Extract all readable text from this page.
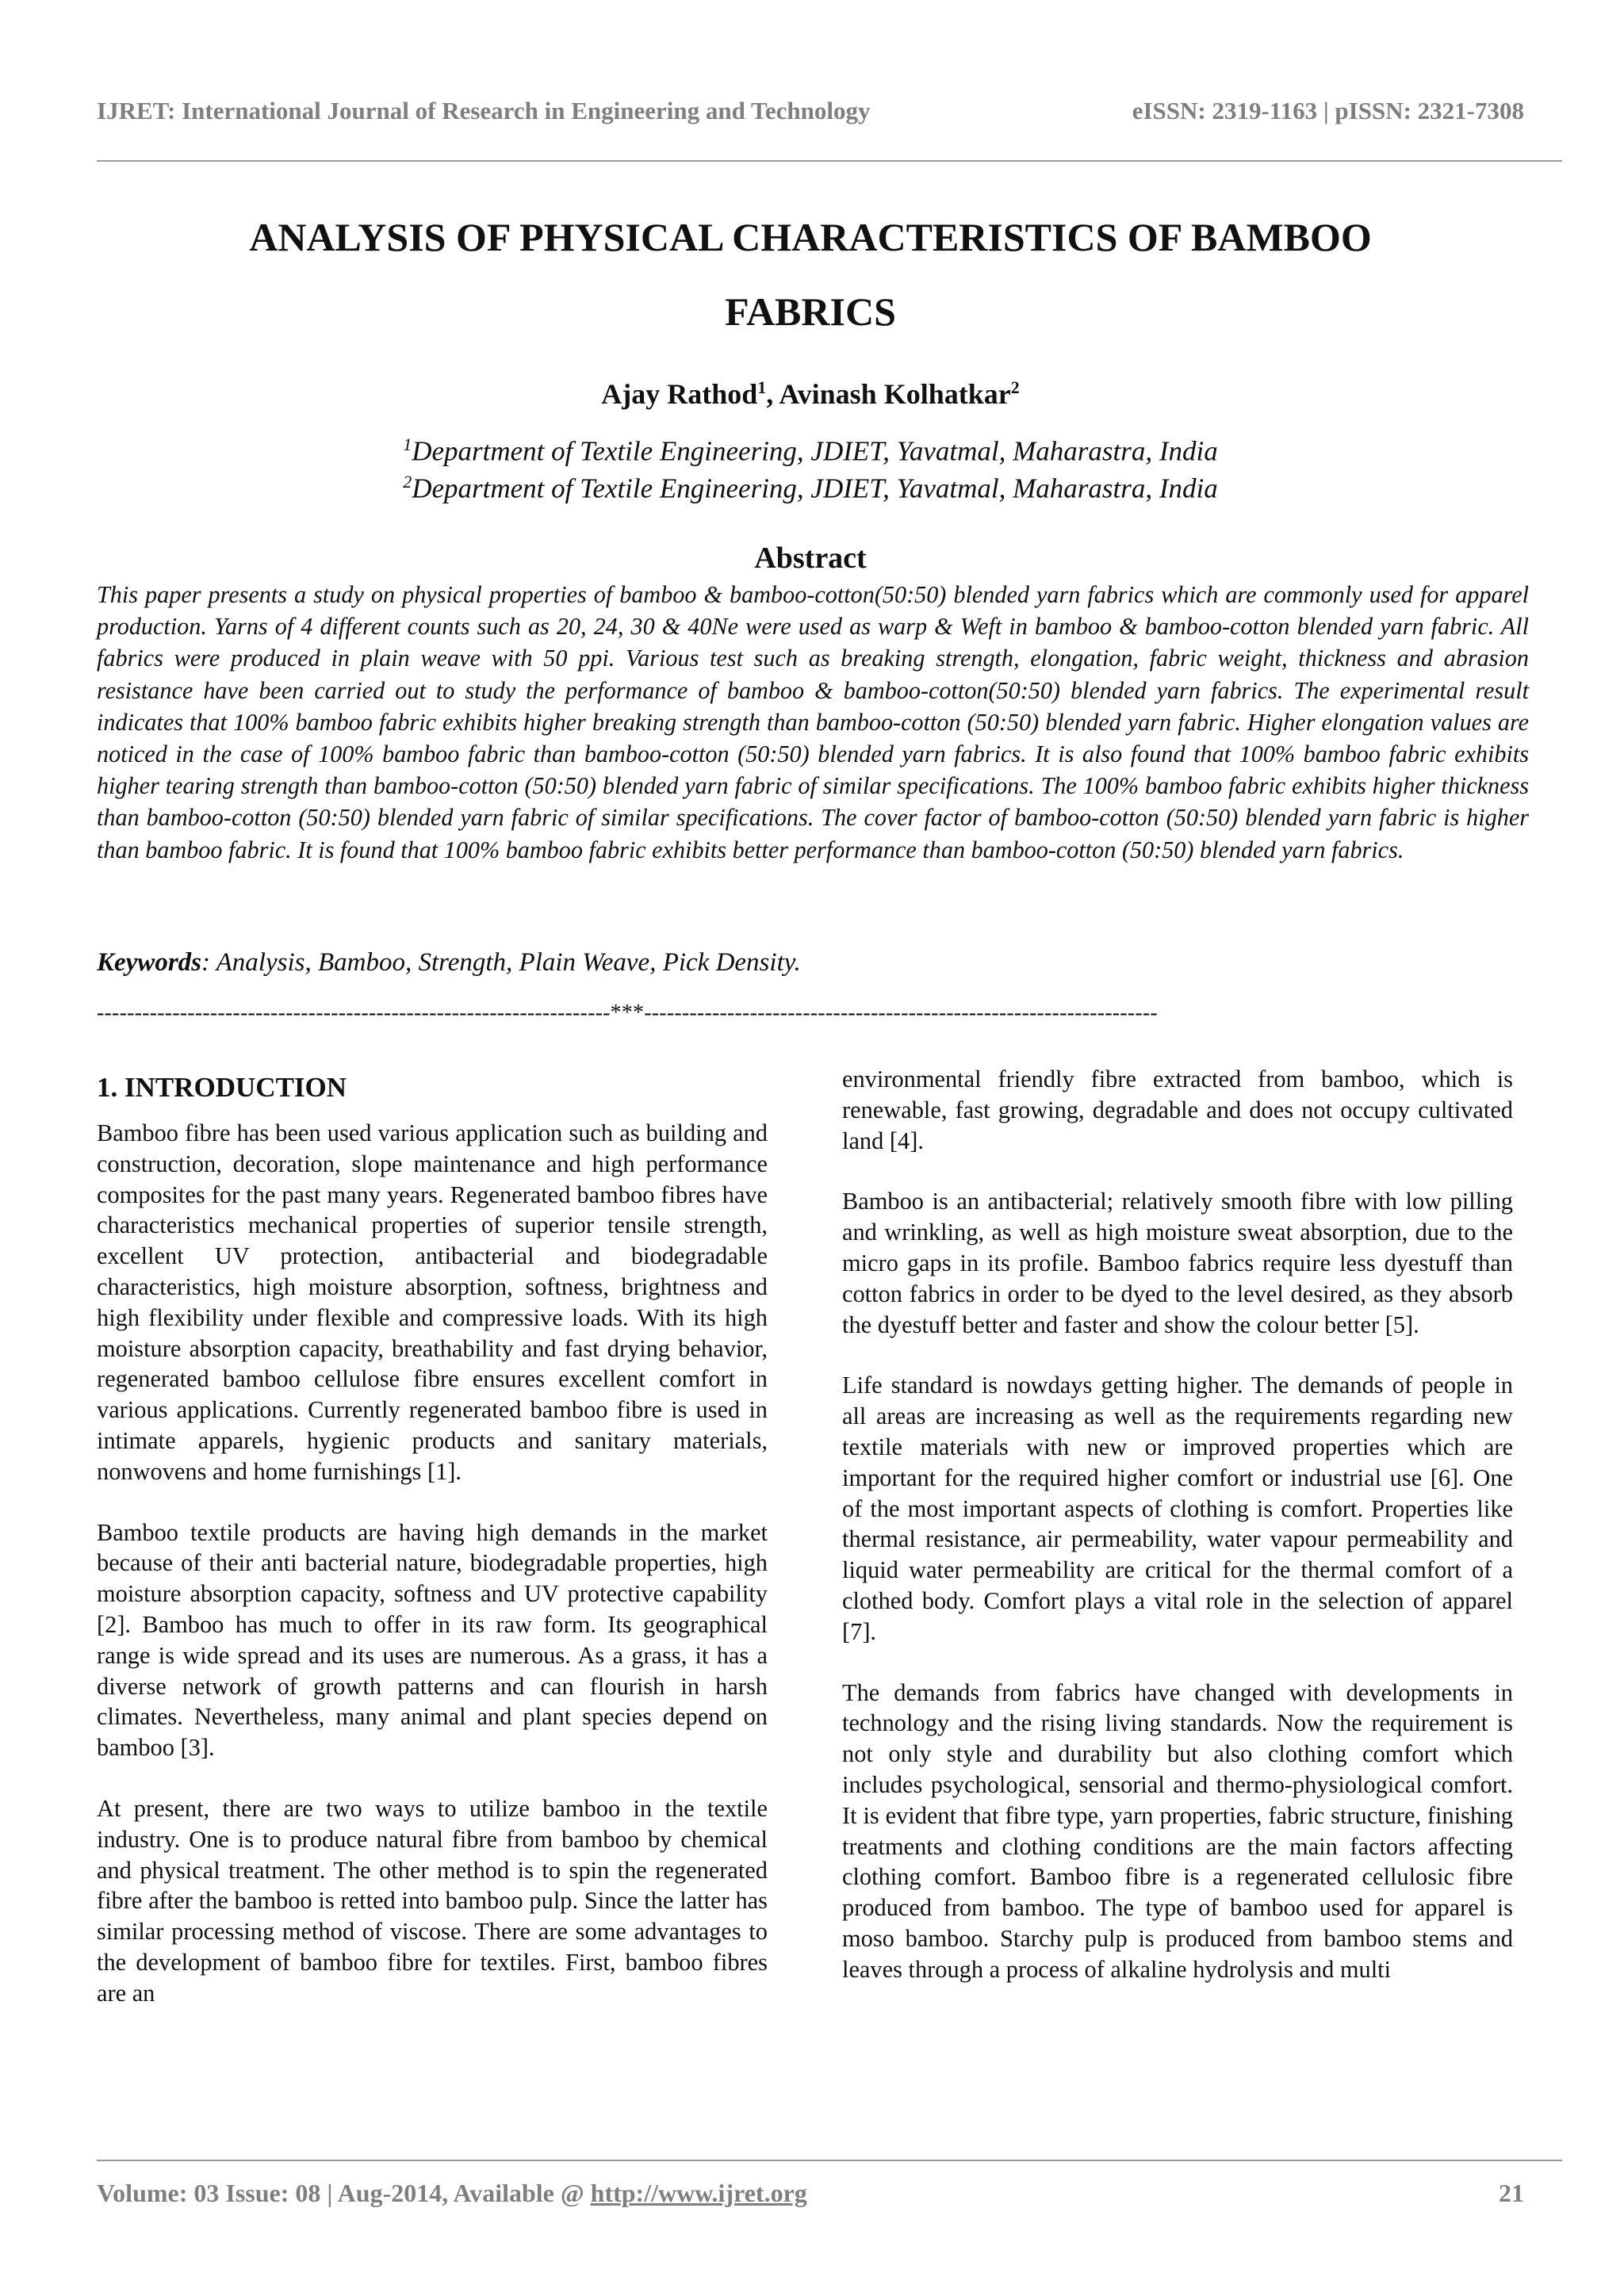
IJRET: International Journal of Research in Engineering and Technology	eISSN: 2319-1163 | pISSN: 2321-7308
ANALYSIS OF PHYSICAL CHARACTERISTICS OF BAMBOO
FABRICS
Ajay Rathod$^1$, Avinash Kolhatkar$^2$
$^1$Department of Textile Engineering, JDIET, Yavatmal, Maharastra, India
$^2$Department of Textile Engineering, JDIET, Yavatmal, Maharastra, India
Abstract
This paper presents a study on physical properties of bamboo & bamboo-cotton(50:50) blended yarn fabrics which are commonly used for apparel production. Yarns of 4 different counts such as 20, 24, 30 & 40Ne were used as warp & Weft in bamboo & bamboo-cotton blended yarn fabric. All fabrics were produced in plain weave with 50 ppi. Various test such as breaking strength, elongation, fabric weight, thickness and abrasion resistance have been carried out to study the performance of bamboo & bamboo-cotton(50:50) blended yarn fabrics. The experimental result indicates that 100% bamboo fabric exhibits higher breaking strength than bamboo-cotton (50:50) blended yarn fabric. Higher elongation values are noticed in the case of 100% bamboo fabric than bamboo-cotton (50:50) blended yarn fabrics. It is also found that 100% bamboo fabric exhibits higher tearing strength than bamboo-cotton (50:50) blended yarn fabric of similar specifications. The 100% bamboo fabric exhibits higher thickness than bamboo-cotton (50:50) blended yarn fabric of similar specifications. The cover factor of bamboo-cotton (50:50) blended yarn fabric is higher than bamboo fabric. It is found that 100% bamboo fabric exhibits better performance than bamboo-cotton (50:50) blended yarn fabrics.
Keywords: Analysis, Bamboo, Strength, Plain Weave, Pick Density.
--------------------------------------------------------------------***--------------------------------------------------------------------
1. INTRODUCTION

Bamboo fibre has been used various application such as building and construction, decoration, slope maintenance and high performance composites for the past many years. Regenerated bamboo fibres have characteristics mechanical properties of superior tensile strength, excellent UV protection, antibacterial and biodegradable characteristics, high moisture absorption, softness, brightness and high flexibility under flexible and compressive loads. With its high moisture absorption capacity, breathability and fast drying behavior, regenerated bamboo cellulose fibre ensures excellent comfort in various applications. Currently regenerated bamboo fibre is used in intimate apparels, hygienic products and sanitary materials, nonwovens and home furnishings [1].

Bamboo textile products are having high demands in the market because of their anti bacterial nature, biodegradable properties, high moisture absorption capacity, softness and UV protective capability [2]. Bamboo has much to offer in its raw form. Its geographical range is wide spread and its uses are numerous. As a grass, it has a diverse network of growth patterns and can flourish in harsh climates. Nevertheless, many animal and plant species depend on bamboo [3].

At present, there are two ways to utilize bamboo in the textile industry. One is to produce natural fibre from bamboo by chemical and physical treatment. The other method is to spin the regenerated fibre after the bamboo is retted into bamboo pulp. Since the latter has similar processing method of viscose. There are some advantages to the development of bamboo fibre for textiles. First, bamboo fibres are an

environmental friendly fibre extracted from bamboo, which is renewable, fast growing, degradable and does not occupy cultivated land [4].

Bamboo is an antibacterial; relatively smooth fibre with low pilling and wrinkling, as well as high moisture sweat absorption, due to the micro gaps in its profile. Bamboo fabrics require less dyestuff than cotton fabrics in order to be dyed to the level desired, as they absorb the dyestuff better and faster and show the colour better [5].

Life standard is nowdays getting higher. The demands of people in all areas are increasing as well as the requirements regarding new textile materials with new or improved properties which are important for the required higher comfort or industrial use [6]. One of the most important aspects of clothing is comfort. Properties like thermal resistance, air permeability, water vapour permeability and liquid water permeability are critical for the thermal comfort of a clothed body. Comfort plays a vital role in the selection of apparel [7].

The demands from fabrics have changed with developments in technology and the rising living standards. Now the requirement is not only style and durability but also clothing comfort which includes psychological, sensorial and thermo-physiological comfort. It is evident that fibre type, yarn properties, fabric structure, finishing treatments and clothing conditions are the main factors affecting clothing comfort. Bamboo fibre is a regenerated cellulosic fibre produced from bamboo. The type of bamboo used for apparel is moso bamboo. Starchy pulp is produced from bamboo stems and leaves through a process of alkaline hydrolysis and multi

Volume: 03 Issue: 08 | Aug-2014, Available @ http://www.ijret.org	21
